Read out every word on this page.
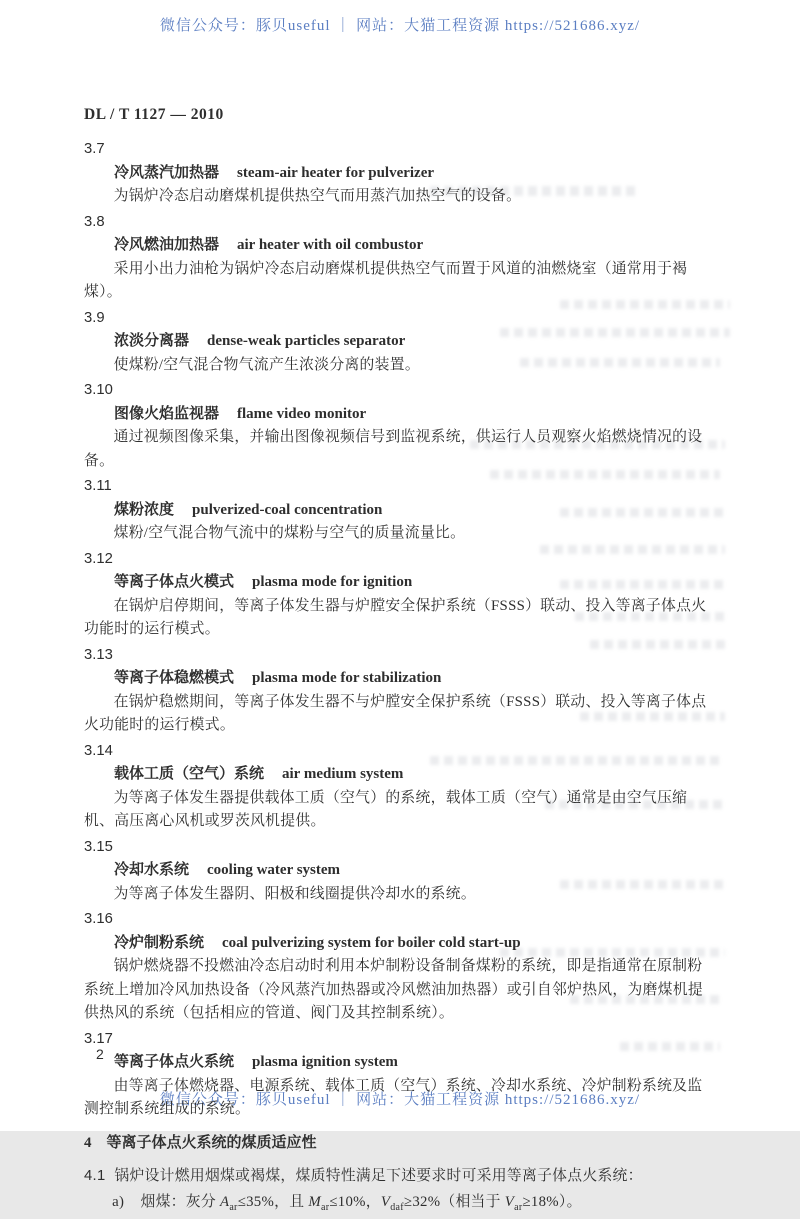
微信公众号：豚贝useful ｜ 网站：大猫工程资源 https://521686.xyz/
微信公众号：豚贝useful ｜ 网站：大猫工程资源 https://521686.xyz/

DL / T 1127 — 2010

3.7
冷风蒸汽加热器 steam-air heater for pulverizer

为锅炉冷态启动磨煤机提供热空气而用蒸汽加热空气的设备。

3.8
冷风燃油加热器 air heater with oil combustor

采用小出力油枪为锅炉冷态启动磨煤机提供热空气而置于风道的油燃烧室（通常用于褐煤）。

3.9
浓淡分离器 dense-weak particles separator

使煤粉/空气混合物气流产生浓淡分离的装置。

3.10
图像火焰监视器 flame video monitor

通过视频图像采集，并输出图像视频信号到监视系统，供运行人员观察火焰燃烧情况的设备。

3.11
煤粉浓度 pulverized-coal concentration

煤粉/空气混合物气流中的煤粉与空气的质量流量比。

3.12
等离子体点火模式 plasma mode for ignition

在锅炉启停期间，等离子体发生器与炉膛安全保护系统（FSSS）联动、投入等离子体点火功能时的运行模式。

3.13
等离子体稳燃模式 plasma mode for stabilization

在锅炉稳燃期间，等离子体发生器不与炉膛安全保护系统（FSSS）联动、投入等离子体点火功能时的运行模式。

3.14
载体工质（空气）系统 air medium system

为等离子体发生器提供载体工质（空气）的系统，载体工质（空气）通常是由空气压缩机、高压离心风机或罗茨风机提供。

3.15
冷却水系统 cooling water system

为等离子体发生器阴、阳极和线圈提供冷却水的系统。

3.16
冷炉制粉系统 coal pulverizing system for boiler cold start-up

锅炉燃烧器不投燃油冷态启动时利用本炉制粉设备制备煤粉的系统，即是指通常在原制粉系统上增加冷风加热设备（冷风蒸汽加热器或冷风燃油加热器）或引自邻炉热风，为磨煤机提供热风的系统（包括相应的管道、阀门及其控制系统）。

3.17
等离子体点火系统 plasma ignition system

由等离子体燃烧器、电源系统、载体工质（空气）系统、冷却水系统、冷炉制粉系统及监测控制系统组成的系统。

4 等离子体点火系统的煤质适应性

4.1 锅炉设计燃用烟煤或褐煤，煤质特性满足下述要求时可采用等离子体点火系统：

a) 烟煤：灰分 $A_{ar}\le 35\%$，且 $M_{ar}\le 10\%$，$V_{daf}\ge 32\%$（相当于 $V_{ar}\ge 18\%$）。

2
